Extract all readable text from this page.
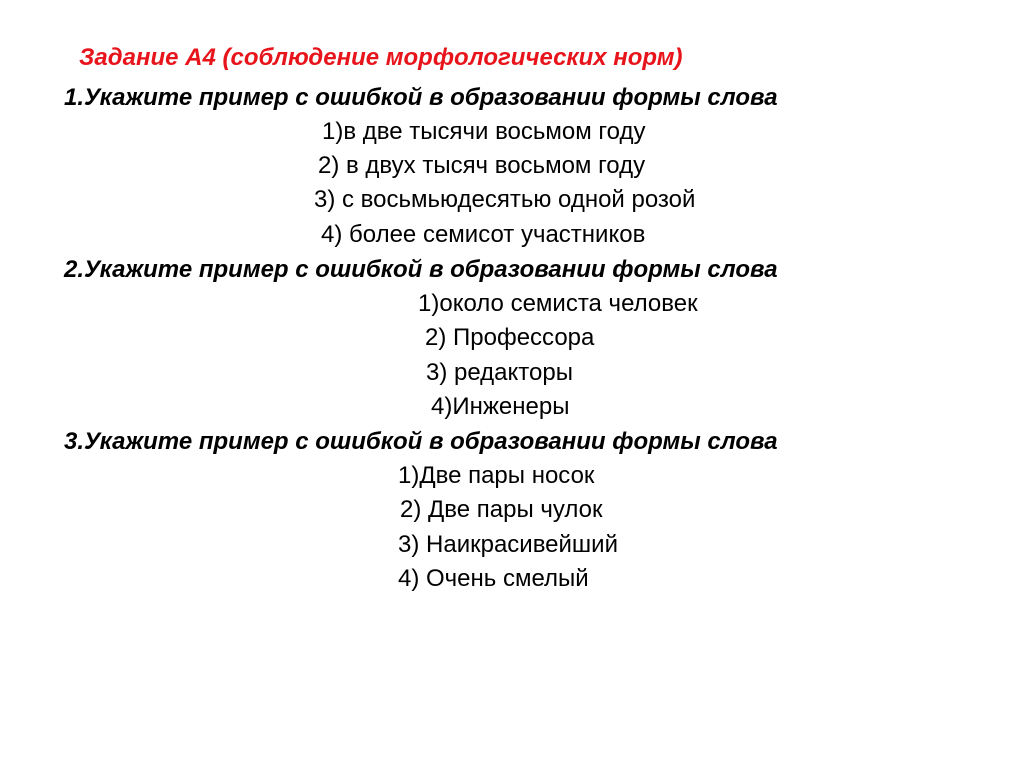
Задание А4 (соблюдение морфологических норм)
1.Укажите пример с ошибкой в образовании формы слова
1)в две тысячи восьмом году
2) в двух тысяч восьмом году
3) с восьмьюдесятью одной розой
4) более семисот участников
2.Укажите пример с ошибкой в образовании формы слова
1)около семиста человек
2) Профессора
3) редакторы
4)Инженеры
3.Укажите пример с ошибкой в образовании формы слова
1)Две пары носок
2) Две пары чулок
3) Наикрасивейший
4) Очень смелый
